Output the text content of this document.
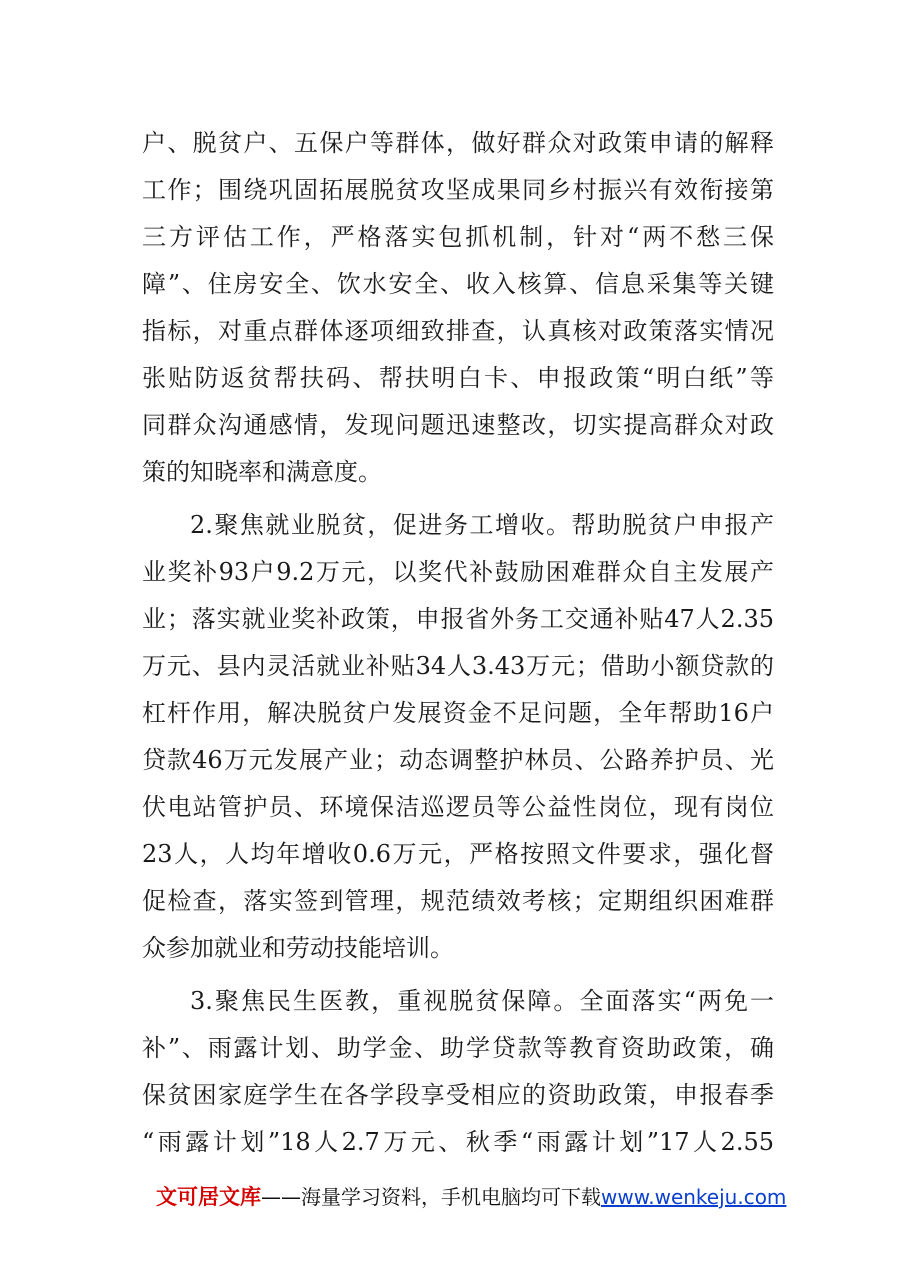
户、脱贫户、五保户等群体，做好群众对政策申请的解释
工作；围绕巩固拓展脱贫攻坚成果同乡村振兴有效衔接第
三方评估工作，严格落实包抓机制，针对“两不愁三保
障”、住房安全、饮水安全、收入核算、信息采集等关键
指标，对重点群体逐项细致排查，认真核对政策落实情况
张贴防返贫帮扶码、帮扶明白卡、申报政策“明白纸”等
同群众沟通感情，发现问题迅速整改，切实提高群众对政
策的知晓率和满意度。
2.聚焦就业脱贫，促进务工增收。帮助脱贫户申报产
业奖补93户9.2万元，以奖代补鼓励困难群众自主发展产
业；落实就业奖补政策，申报省外务工交通补贴47人2.35
万元、县内灵活就业补贴34人3.43万元；借助小额贷款的
杠杆作用，解决脱贫户发展资金不足问题，全年帮助16户
贷款46万元发展产业；动态调整护林员、公路养护员、光
伏电站管护员、环境保洁巡逻员等公益性岗位，现有岗位
23人，人均年增收0.6万元，严格按照文件要求，强化督
促检查，落实签到管理，规范绩效考核；定期组织困难群
众参加就业和劳动技能培训。
3.聚焦民生医教，重视脱贫保障。全面落实“两免一
补”、雨露计划、助学金、助学贷款等教育资助政策，确
保贫困家庭学生在各学段享受相应的资助政策，申报春季
“雨露计划”18人2.7万元、秋季“雨露计划”17人2.55
文可居文库——海量学习资料，手机电脑均可下载www.wenkeju.com
